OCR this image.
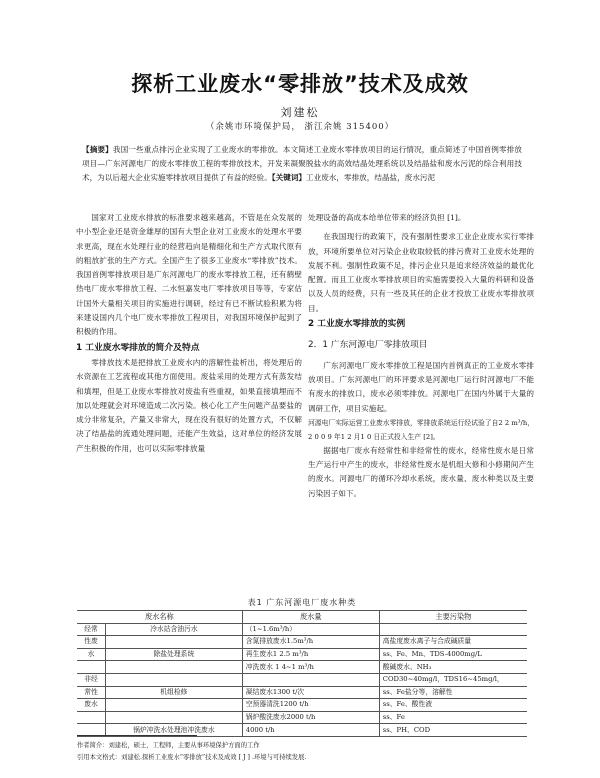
探析工业废水“零排放”技术及成效
刘建松
（余姚市环境保护局， 浙江余姚 315400）

【摘要】我国一些重点排污企业实现了工业废水的零排放。本文简述工业废水零排放项目的运行情况，重点简述了中国首例零排放项目—广东河源电厂的废水零排放工程的零排放技术，开发来凝聚脱盐水的高效结晶处理系统以及结晶盐和废水污泥的综合利用技术，为以后超大企业实施零排放项目提供了有益的经验。【关键词】工业废水，零排放，结晶盐，废水污泥

国家对工业废水排放的标准要求越来越高，不管是在众发展的中小型企业还是资金雄厚的国有大型企业对工业废水的处理水平要求更高，现在水处理行业的经营趋向是精细化和生产方式取代原有的粗放扩张的生产方式。全国产生了很多工业废水“零排放”技术。我国首例零排放项目是广东河源电厂的废水零排放工程，还有鹤壁热电厂废水零排放工程、二水恒嘉发电厂零排放项目等等，专家估计国外大量相关项目的实施进行调研，经过有已不断试验积累为将来建设国内几个电厂废水零排放工程项目，对我国环境保护起到了积极的作用。

1 工业废水零排放的简介及特点

零排放技术是把排放工业废水内的溶解性盐析出，将处理后的水资源在工艺流程或其他方面使用。废盐采用的处理方式有蒸发结和填埋，但是工业废水零排放对废盐有些重视，如果直接填埋而不加以处理就会对环境造成二次污染。核心化工产生问题产品要盐的成分非常复杂，产量又非常大，现在没有很好的处置方式，不仅解决了结晶盐的流通处理问题，还能产生效益，这对单位的经济发展产生积极的作用，也可以实际零排放量

处理设备的高成本给单位带来的经济负担 [1]。

在我国现行的政策下，没有强制性要求工业企业废水实行零排放，环境所要单位对污染企业收取较低的排污费对工业废水处理的发展不利。强制性政策不足，排污企业只是追求经济效益的最优化配置。而且工业废水零排放项目的实施需要投入大量的科研和设备以及人员的经费，只有一些及其任的企业才投放工业废水零排放项目。

2 工业废水零排放的实例
2．1 广东河源电厂零排放项目

广东河源电厂废水零排放工程是国内首例真正的工业废水零排放项目。广东河源电厂的环评要求是河源电厂运行时河源电厂不能有废水的排放口，废水必须零排放。河源电厂在国内外属于大量的调研工作，项目实施起。

河源电厂实际运营工业废水零排放，零排放系统运行经试验了自2 2 m³/h，2 0 0 9 年1 2 月1 0 日正式投入生产 [2]。

据据电厂废水有经常性和非经常性的废水，经常性废水是日常生产运行中产生的废水，非经常性废水是机组大修和小修期间产生的废水。河源电厂的循环冷却水系统，废水量、废水种类以及主要污染因子如下。

表1 广东河源电厂废水种类
废水名称		废水量	主要污染物
经常	冷水站含油污水	（1~1.6m³/h）	
性废		含氮排放废水1.5m³/h	高盐度废水离子与合成碱质量
水	除盐处理系统	再生废水1 2.5 m³/h	ss、Fe、Mn、TDS-4000mg/L
		冲洗废水 1 4~1 m³/h	酸碱废水、NH₃
非经			COD30~40mg/l，TDS16~45mg/l，
常性	机组检修	凝结废水1300 t/次	ss、Fe盐分等，溶解性
废水		空预器清洗1200 t/h	ss、Fe、酸性液
		锅炉酸洗废水2000 t/h	ss、Fe
	锅炉冲洗水处理池冲洗废水	4000 t/h	ss、PH、COD

作者简介：刘建松，硕士，工程师，主要从事环境保护方面的工作

引用本文格式：刘建松.探析工业废水“零排放”技术及成效 [ J ] .环境与可持续发展.
